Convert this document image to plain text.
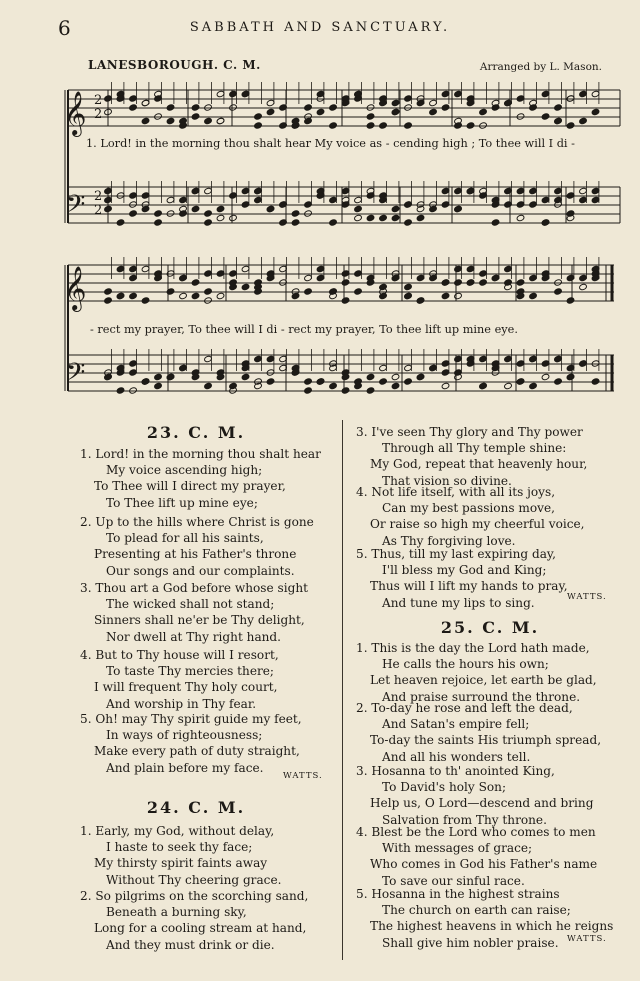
6	SABBATH AND SANCTUARY.
LANESBOROUGH. C. M.	Arranged by L. Mason.
𝄞
𝄢
2
2
2
2
𝄞
𝄢
1. Lord! in the morning thou shalt hear My voice as - cending high ; To thee will I di -
- rect my prayer, To thee will I di - rect my prayer, To thee lift up mine eye.
23. C. M.
1. Lord! in the morning thou shalt hear
My voice ascending high;
To Thee will I direct my prayer,
To Thee lift up mine eye;
2. Up to the hills where Christ is gone
To plead for all his saints,
Presenting at his Father's throne
Our songs and our complaints.
3. Thou art a God before whose sight
The wicked shall not stand;
Sinners shall ne'er be Thy delight,
Nor dwell at Thy right hand.
4. But to Thy house will I resort,
To taste Thy mercies there;
I will frequent Thy holy court,
And worship in Thy fear.
5. Oh! may Thy spirit guide my feet,
In ways of righteousness;
Make every path of duty straight,
And plain before my face.
WATTS.
24. C. M.
1. Early, my God, without delay,
I haste to seek thy face;
My thirsty spirit faints away
Without Thy cheering grace.
2. So pilgrims on the scorching sand,
Beneath a burning sky,
Long for a cooling stream at hand,
And they must drink or die.
3. I've seen Thy glory and Thy power
Through all Thy temple shine:
My God, repeat that heavenly hour,
That vision so divine.
4. Not life itself, with all its joys,
Can my best passions move,
Or raise so high my cheerful voice,
As Thy forgiving love.
5. Thus, till my last expiring day,
I'll bless my God and King;
Thus will I lift my hands to pray,
And tune my lips to sing.	WATTS.
25. C. M.
1. This is the day the Lord hath made,
He calls the hours his own;
Let heaven rejoice, let earth be glad,
And praise surround the throne.
2. To-day he rose and left the dead,
And Satan's empire fell;
To-day the saints His triumph spread,
And all his wonders tell.
3. Hosanna to th' anointed King,
To David's holy Son;
Help us, O Lord—descend and bring
Salvation from Thy throne.
4. Blest be the Lord who comes to men
With messages of grace;
Who comes in God his Father's name
To save our sinful race.
5. Hosanna in the highest strains
The church on earth can raise;
The highest heavens in which he reigns
Shall give him nobler praise. WATTS.
